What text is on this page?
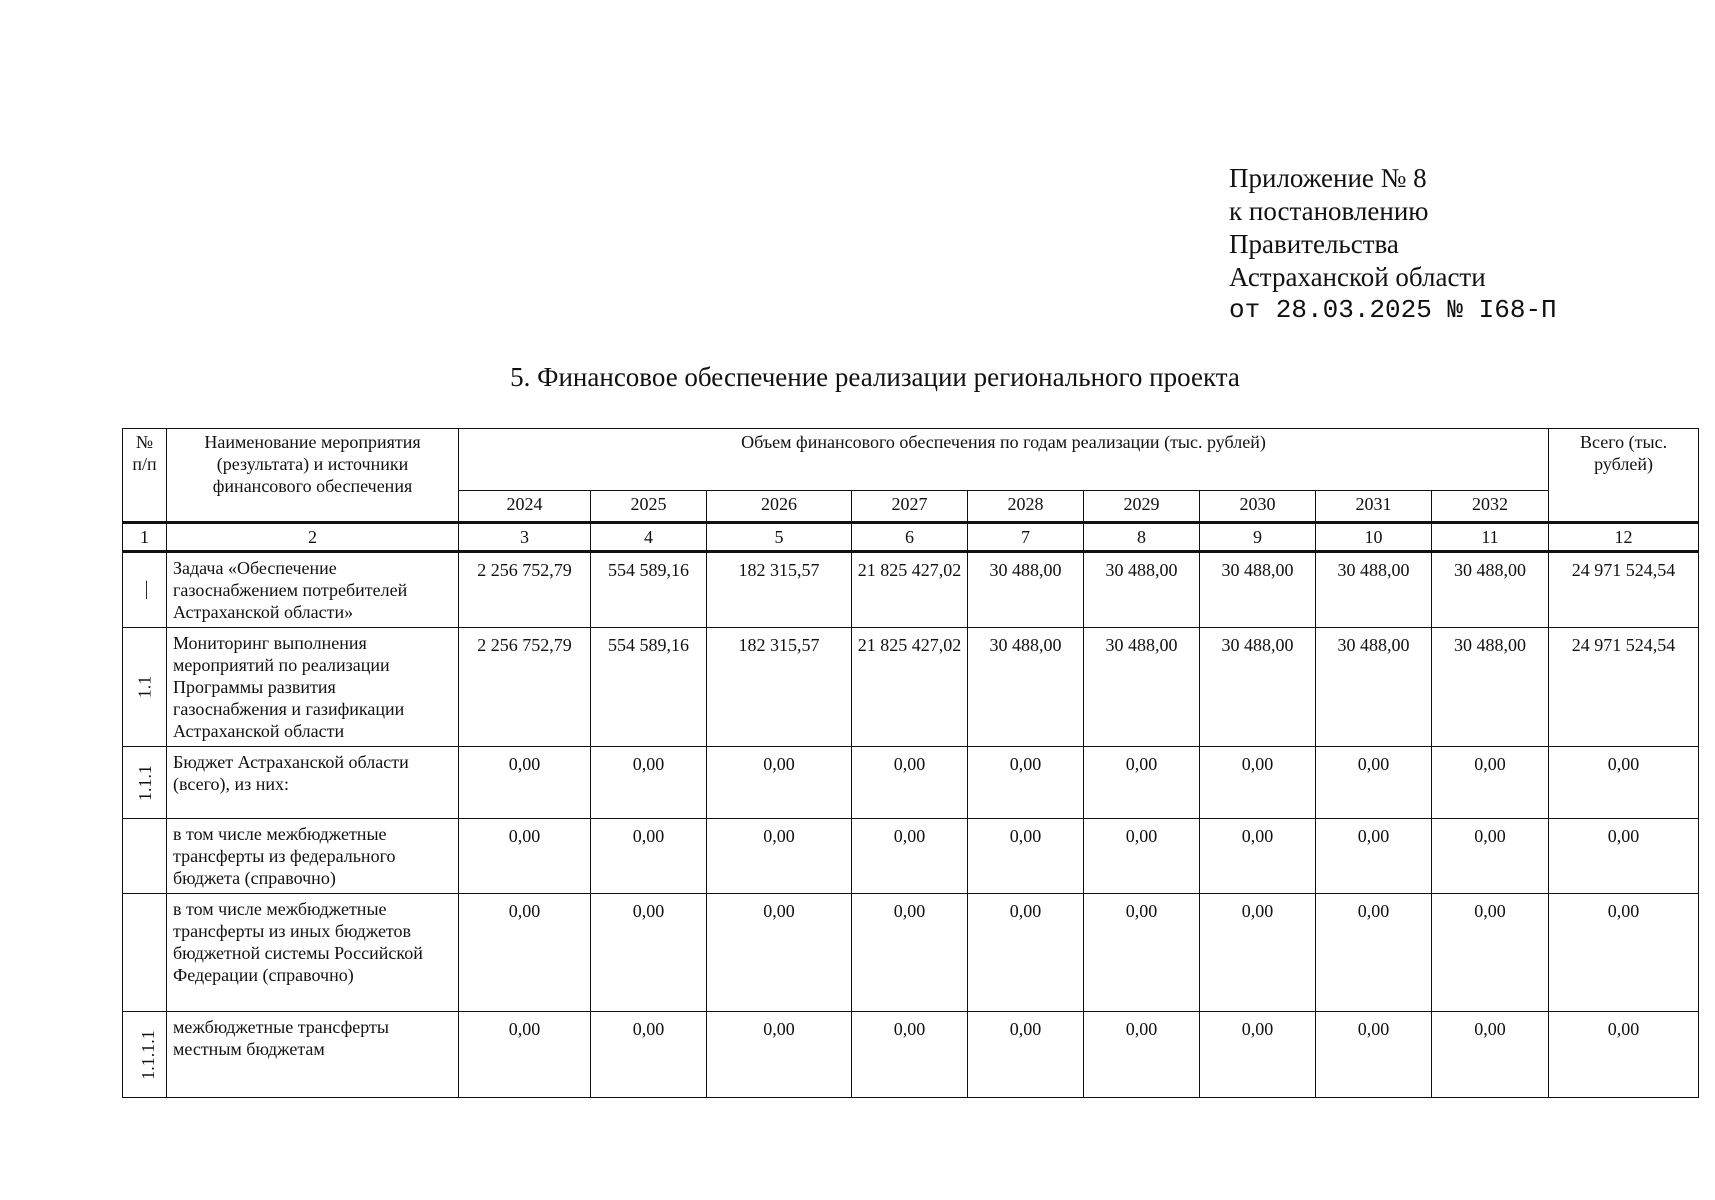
Приложение № 8
к постановлению
Правительства
Астраханской области
от 28.03.2025 № I68-П
5. Финансовое обеспечение реализации регионального проекта
№ п/п	Наименование мероприятия (результата) и источники финансового обеспечения	Объем финансового обеспечения по годам реализации (тыс. рублей)									Всего (тыс. рублей)
		2024	2025	2026	2027	2028	2029	2030	2031	2032	
1	2	3	4	5	6	7	8	9	10	11	12
—	Задача «Обеспечение газоснабжением потребителей Астраханской области»	2 256 752,79	554 589,16	182 315,57	21 825 427,02	30 488,00	30 488,00	30 488,00	30 488,00	30 488,00	24 971 524,54
1.1	Мониторинг выполнения мероприятий по реализации Программы развития газоснабжения и газификации Астраханской области	2 256 752,79	554 589,16	182 315,57	21 825 427,02	30 488,00	30 488,00	30 488,00	30 488,00	30 488,00	24 971 524,54
1.1.1	Бюджет Астраханской области (всего), из них:	0,00	0,00	0,00	0,00	0,00	0,00	0,00	0,00	0,00	0,00
	в том числе межбюджетные трансферты из федерального бюджета (справочно)	0,00	0,00	0,00	0,00	0,00	0,00	0,00	0,00	0,00	0,00
	в том числе межбюджетные трансферты из иных бюджетов бюджетной системы Российской Федерации (справочно)	0,00	0,00	0,00	0,00	0,00	0,00	0,00	0,00	0,00	0,00
1.1.1.1	межбюджетные трансферты местным бюджетам	0,00	0,00	0,00	0,00	0,00	0,00	0,00	0,00	0,00	0,00
